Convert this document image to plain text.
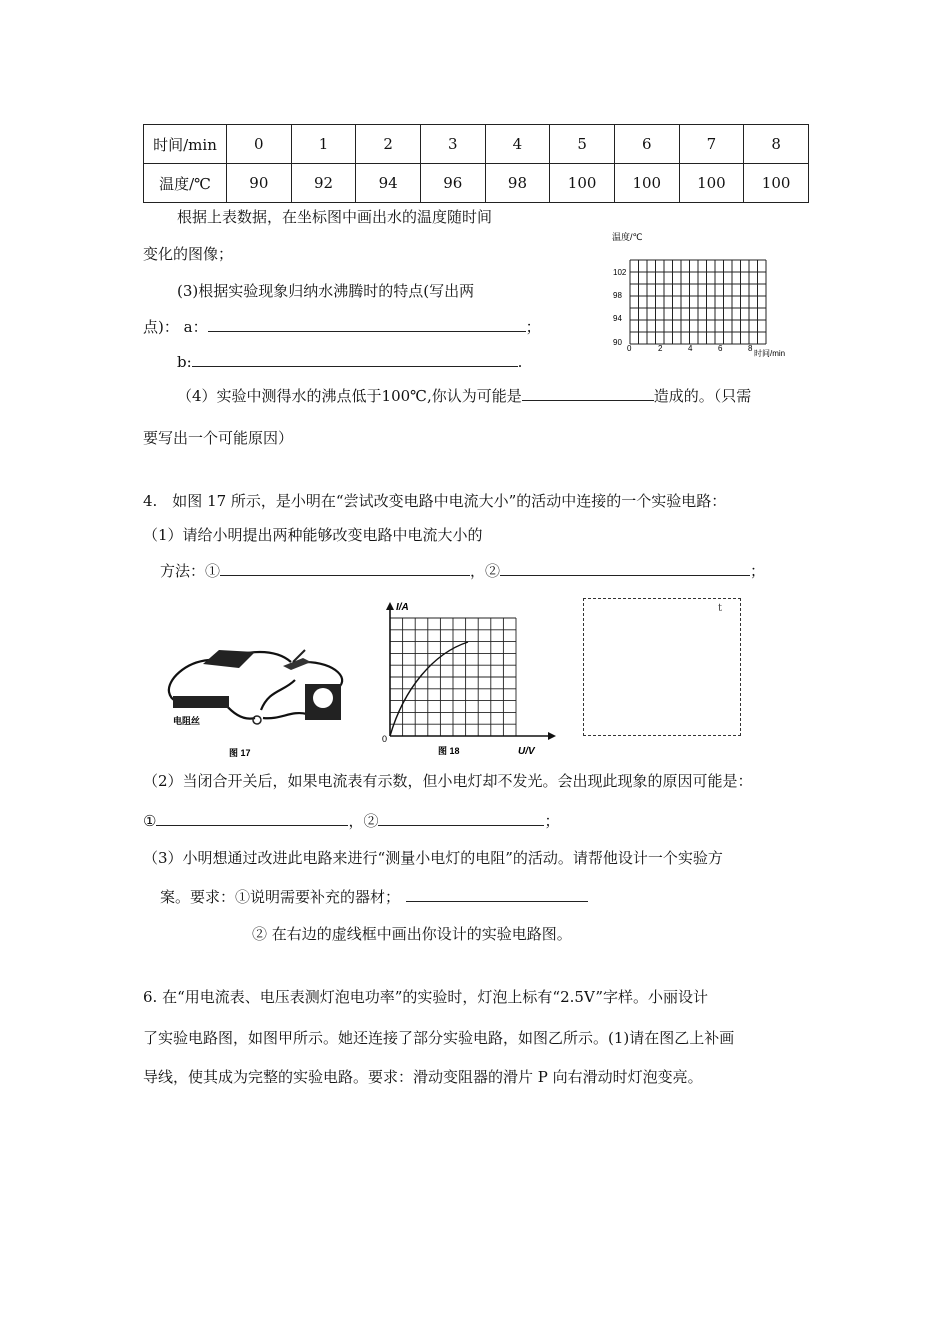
时间/min	0	1	2	3	4	5	6	7	8
温度/℃	90	92	94	96	98	100	100	100	100
根据上表数据，在坐标图中画出水的温度随时间
变化的图像；
(3)根据实验现象归纳水沸腾时的特点(写出两
点)： a：	；
b:	.
（4）实验中测得水的沸点低于100℃,你认为可能是	造成的。（只需
要写出一个可能原因）
温度/℃
102
98
94
90
0	2	4	6	8
时间/min
4.　如图 17 所示，是小明在“尝试改变电路中电流大小”的活动中连接的一个实验电路：
（1）请给小明提出两种能够改变电路中电流大小的
方法：①	，②	；
电阻丝
图 17
I/A
0
图 18	U/V
t
（2）当闭合开关后，如果电流表有示数，但小电灯却不发光。会出现此现象的原因可能是：
①	，②	；
（3）小明想通过改进此电路来进行“测量小电灯的电阻”的活动。请帮他设计一个实验方
案。要求：①说明需要补充的器材；
② 在右边的虚线框中画出你设计的实验电路图。
6. 在“用电流表、电压表测灯泡电功率”的实验时，灯泡上标有“2.5V”字样。小丽设计
了实验电路图，如图甲所示。她还连接了部分实验电路，如图乙所示。(1)请在图乙上补画
导线，使其成为完整的实验电路。要求：滑动变阻器的滑片 P 向右滑动时灯泡变亮。
